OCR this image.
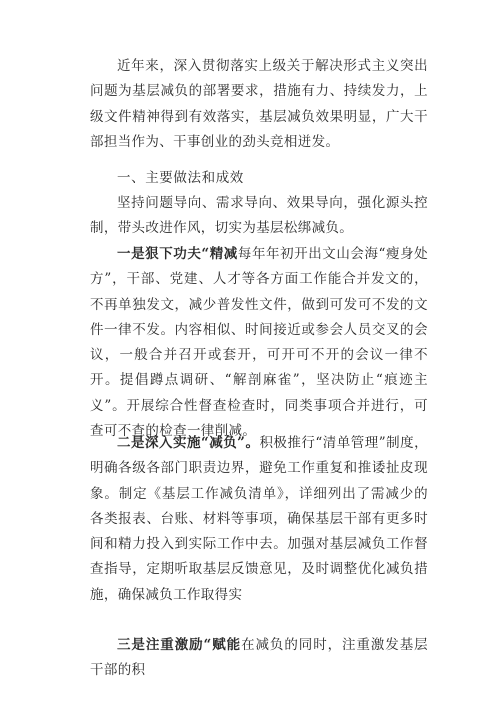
近年来，深入贯彻落实上级关于解决形式主义突出问题为基层减负的部署要求，措施有力、持续发力，上级文件精神得到有效落实，基层减负效果明显，广大干部担当作为、干事创业的劲头竞相迸发。

一、主要做法和成效

坚持问题导向、需求导向、效果导向，强化源头控制，带头改进作风，切实为基层松绑减负。

一是狠下功夫“精减每年年初开出文山会海“瘦身处方”，干部、党建、人才等各方面工作能合并发文的，不再单独发文，减少普发性文件，做到可发可不发的文件一律不发。内容相似、时间接近或参会人员交叉的会议，一般合并召开或套开，可开可不开的会议一律不开。提倡蹲点调研、“解剖麻雀”，坚决防止“痕迹主义”。开展综合性督查检查时，同类事项合并进行，可查可不查的检查一律削减。

二是深入实施“减负”。积极推行“清单管理”制度，明确各级各部门职责边界，避免工作重复和推诿扯皮现象。制定《基层工作减负清单》，详细列出了需减少的各类报表、台账、材料等事项，确保基层干部有更多时间和精力投入到实际工作中去。加强对基层减负工作督查指导，定期听取基层反馈意见，及时调整优化减负措施，确保减负工作取得实

三是注重激励“赋能在减负的同时，注重激发基层干部的积
